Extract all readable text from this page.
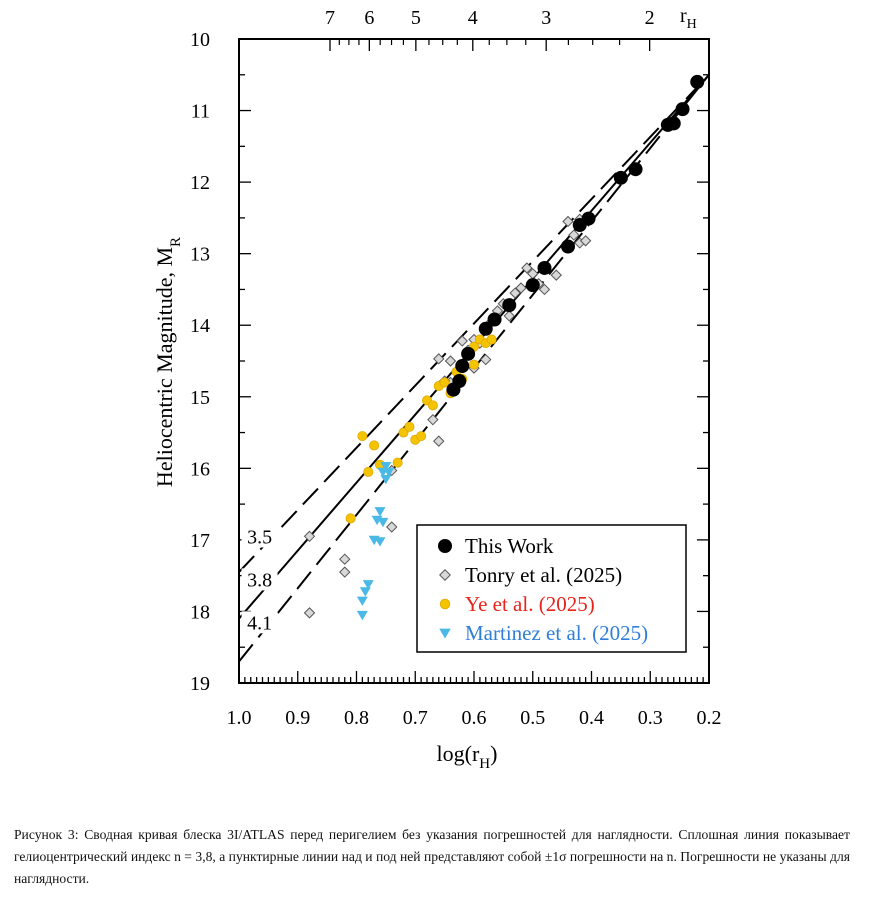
This Work
Tonry et al. (2025)
Ye et al. (2025)
Martinez et al. (2025)
1.0 0.9 0.8 0.7 0.6 0.5 0.4 0.3 0.2
10
11
12
13
14
15
16
17
18
19
7 6 5 4	3	2 $r_H$
$\log(r_H)$
Heliocentric Magnitude, $M_R$
3.5
3.8
4.1
Рисунок 3: Сводная кривая блеска 3I/ATLAS перед перигелием без указания погрешностей для наглядности. Сплошная линия показывает гелиоцентрический индекс n = 3,8, а пунктирные линии над и под ней представляют собой ±1σ погрешности на n. Погрешности не указаны для наглядности.
